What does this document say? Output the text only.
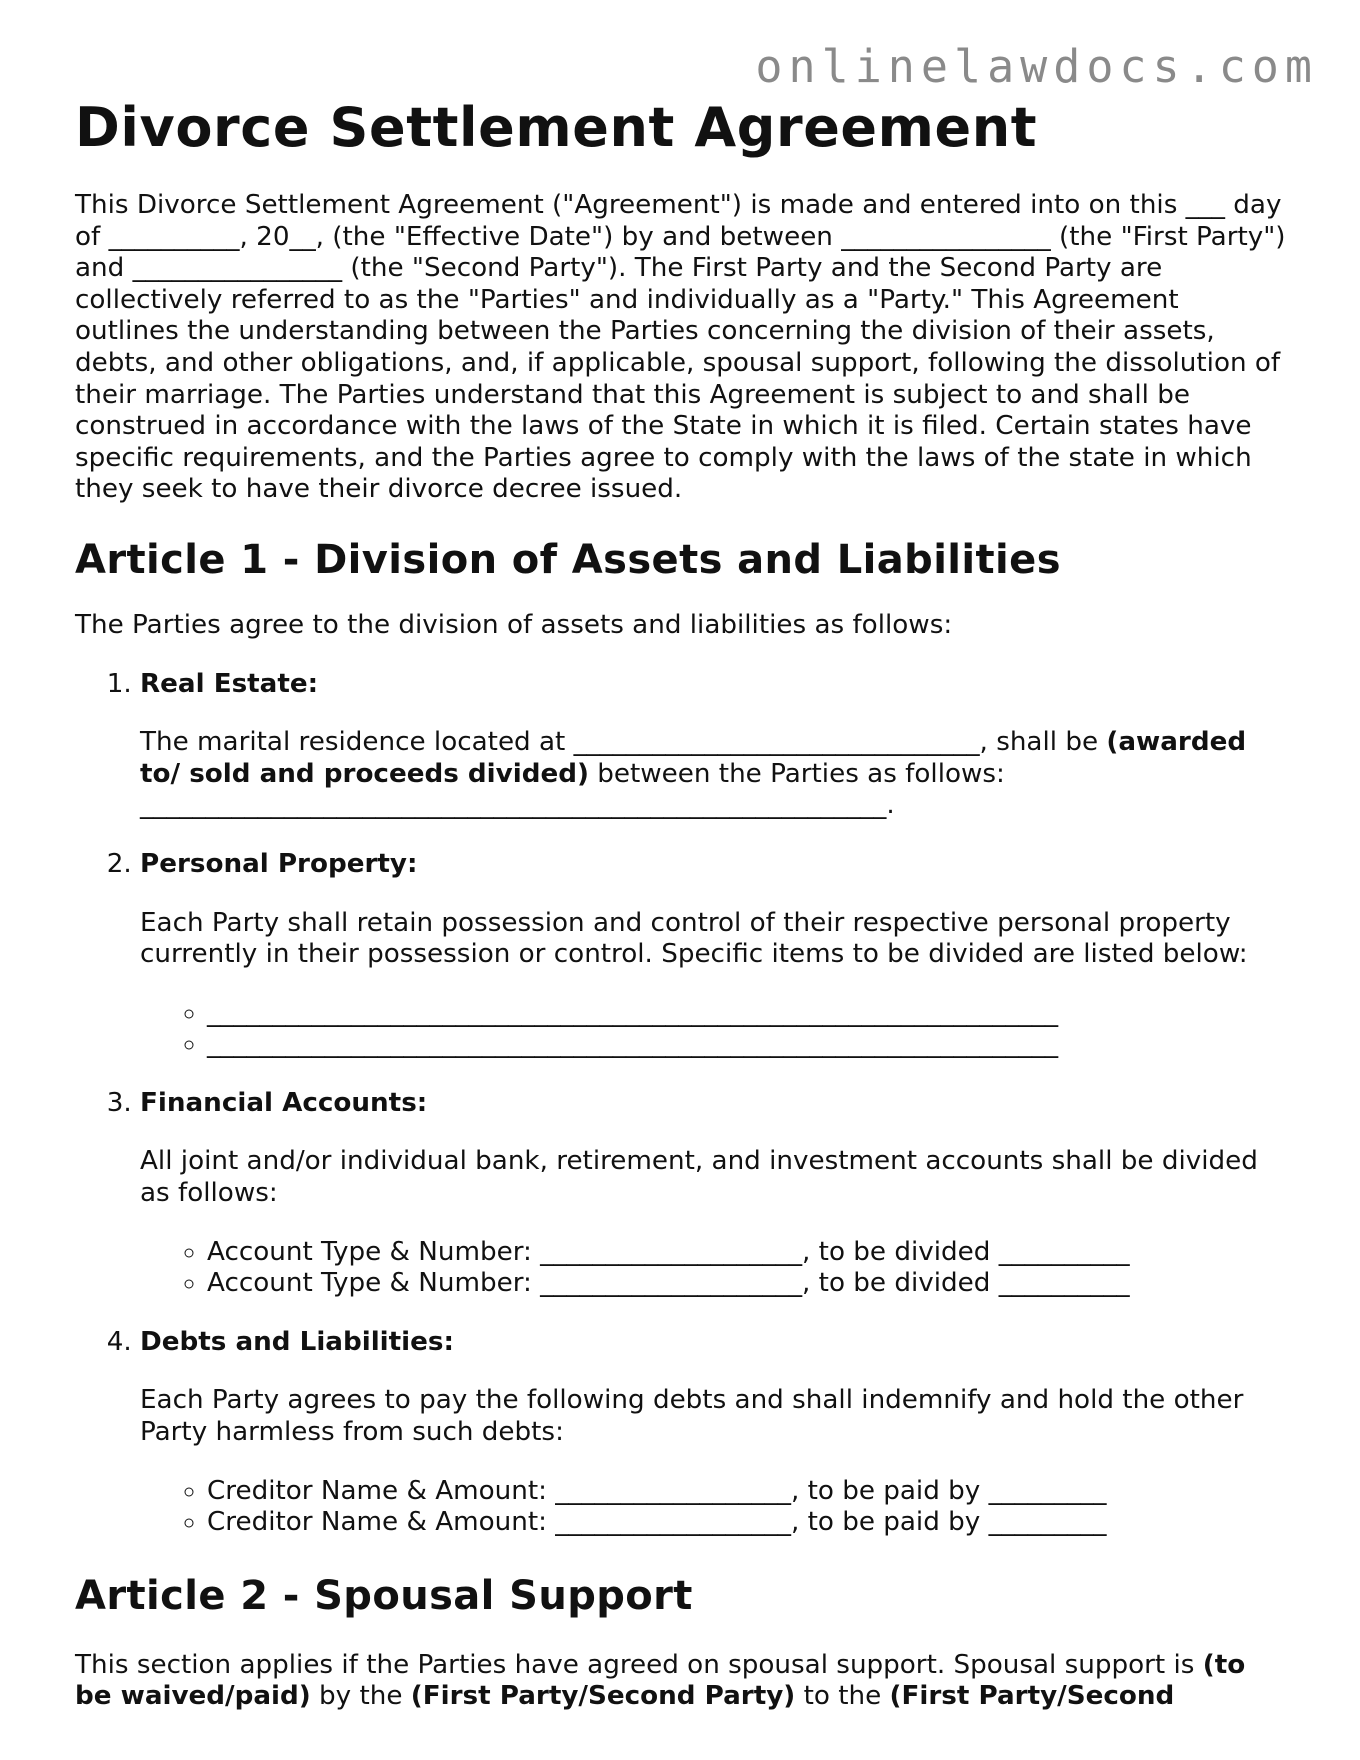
onlinelawdocs.com
Divorce Settlement Agreement

This Divorce Settlement Agreement ("Agreement") is made and entered into on this ___ day of __________, 20__, (the "Effective Date") by and between ________________ (the "First Party") and ________________ (the "Second Party"). The First Party and the Second Party are collectively referred to as the "Parties" and individually as a "Party." This Agreement outlines the understanding between the Parties concerning the division of their assets, debts, and other obligations, and, if applicable, spousal support, following the dissolution of their marriage. The Parties understand that this Agreement is subject to and shall be construed in accordance with the laws of the State in which it is filed. Certain states have specific requirements, and the Parties agree to comply with the laws of the state in which they seek to have their divorce decree issued.

Article 1 - Division of Assets and Liabilities

The Parties agree to the division of assets and liabilities as follows:

1. Real Estate:

The marital residence located at _______________________________, shall be (awarded to/ sold and proceeds divided) between the Parties as follows: _________________________________________________________.

2. Personal Property:

Each Party shall retain possession and control of their respective personal property currently in their possession or control. Specific items to be divided are listed below:

◦ _________________________________________________________________
◦ _________________________________________________________________
3. Financial Accounts:

All joint and/or individual bank, retirement, and investment accounts shall be divided as follows:

◦ Account Type & Number: ____________________, to be divided __________
◦ Account Type & Number: ____________________, to be divided __________
4. Debts and Liabilities:

Each Party agrees to pay the following debts and shall indemnify and hold the other Party harmless from such debts:

◦ Creditor Name & Amount: __________________, to be paid by _________
◦ Creditor Name & Amount: __________________, to be paid by _________
Article 2 - Spousal Support

This section applies if the Parties have agreed on spousal support. Spousal support is (to be waived/paid) by the (First Party/Second Party) to the (First Party/Second
